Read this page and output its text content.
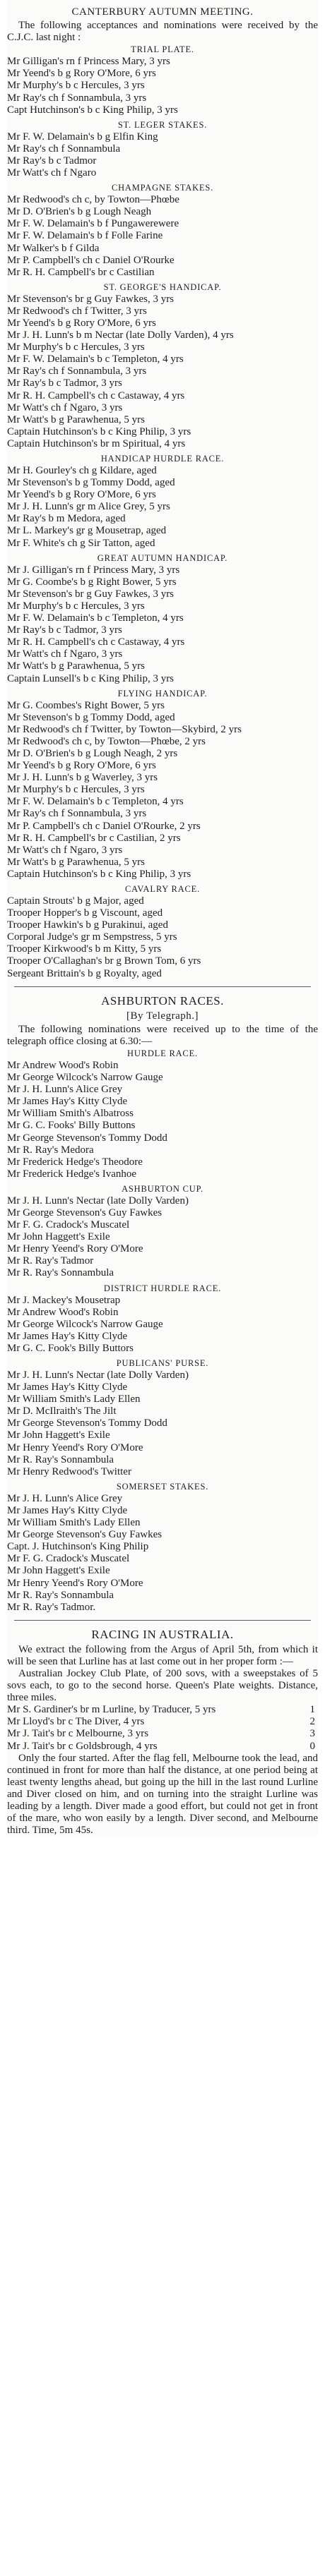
CANTERBURY AUTUMN MEETING.

The following acceptances and nominations were received by the C.J.C. last night :

TRIAL PLATE.

Mr Gilligan's rn f Princess Mary, 3 yrs

Mr Yeend's b g Rory O'More, 6 yrs

Mr Murphy's b c Hercules, 3 yrs

Mr Ray's ch f Sonnambula, 3 yrs

Capt Hutchinson's b c King Philip, 3 yrs

ST. LEGER STAKES.

Mr F. W. Delamain's b g Elfin King

Mr Ray's ch f Sonnambula

Mr Ray's b c Tadmor

Mr Watt's ch f Ngaro

CHAMPAGNE STAKES.

Mr Redwood's ch c, by Towton—Phœbe

Mr D. O'Brien's b g Lough Neagh

Mr F. W. Delamain's b f Pungawerewere

Mr F. W. Delamain's b f Folle Farine

Mr Walker's b f Gilda

Mr P. Campbell's ch c Daniel O'Rourke

Mr R. H. Campbell's br c Castilian

ST. GEORGE'S HANDICAP.

Mr Stevenson's br g Guy Fawkes, 3 yrs

Mr Redwood's ch f Twitter, 3 yrs

Mr Yeend's b g Rory O'More, 6 yrs

Mr J. H. Lunn's b m Nectar (late Dolly Varden), 4 yrs

Mr Murphy's b c Hercules, 3 yrs

Mr F. W. Delamain's b c Templeton, 4 yrs

Mr Ray's ch f Sonnambula, 3 yrs

Mr Ray's b c Tadmor, 3 yrs

Mr R. H. Campbell's ch c Castaway, 4 yrs

Mr Watt's ch f Ngaro, 3 yrs

Mr Watt's b g Parawhenua, 5 yrs

Captain Hutchinson's b c King Philip, 3 yrs

Captain Hutchinson's br m Spiritual, 4 yrs

HANDICAP HURDLE RACE.

Mr H. Gourley's ch g Kildare, aged

Mr Stevenson's b g Tommy Dodd, aged

Mr Yeend's b g Rory O'More, 6 yrs

Mr J. H. Lunn's gr m Alice Grey, 5 yrs

Mr Ray's b m Medora, aged

Mr L. Markey's gr g Mousetrap, aged

Mr F. White's ch g Sir Tatton, aged

GREAT AUTUMN HANDICAP.

Mr J. Gilligan's rn f Princess Mary, 3 yrs

Mr G. Coombe's b g Right Bower, 5 yrs

Mr Stevenson's br g Guy Fawkes, 3 yrs

Mr Murphy's b c Hercules, 3 yrs

Mr F. W. Delamain's b c Templeton, 4 yrs

Mr Ray's b c Tadmor, 3 yrs

Mr R. H. Campbell's ch c Castaway, 4 yrs

Mr Watt's ch f Ngaro, 3 yrs

Mr Watt's b g Parawhenua, 5 yrs

Captain Lunsell's b c King Philip, 3 yrs

FLYING HANDICAP.

Mr G. Coombes's Right Bower, 5 yrs

Mr Stevenson's b g Tommy Dodd, aged

Mr Redwood's ch f Twitter, by Towton—Skybird, 2 yrs

Mr Redwood's ch c, by Towton—Phœbe, 2 yrs

Mr D. O'Brien's b g Lough Neagh, 2 yrs

Mr Yeend's b g Rory O'More, 6 yrs

Mr J. H. Lunn's b g Waverley, 3 yrs

Mr Murphy's b c Hercules, 3 yrs

Mr F. W. Delamain's b c Templeton, 4 yrs

Mr Ray's ch f Sonnambula, 3 yrs

Mr P. Campbell's ch c Daniel O'Rourke, 2 yrs

Mr R. H. Campbell's br c Castilian, 2 yrs

Mr Watt's ch f Ngaro, 3 yrs

Mr Watt's b g Parawhenua, 5 yrs

Captain Hutchinson's b c King Philip, 3 yrs

CAVALRY RACE.

Captain Strouts' b g Major, aged

Trooper Hopper's b g Viscount, aged

Trooper Hawkin's b g Purakinui, aged

Corporal Judge's gr m Sempstress, 5 yrs

Trooper Kirkwood's b m Kitty, 5 yrs

Trooper O'Callaghan's br g Brown Tom, 6 yrs

Sergeant Brittain's b g Royalty, aged

ASHBURTON RACES.
[By Telegraph.]

The following nominations were received up to the time of the telegraph office closing at 6.30:—

HURDLE RACE.

Mr Andrew Wood's Robin

Mr George Wilcock's Narrow Gauge

Mr J. H. Lunn's Alice Grey

Mr James Hay's Kitty Clyde

Mr William Smith's Albatross

Mr G. C. Fooks' Billy Buttons

Mr George Stevenson's Tommy Dodd

Mr R. Ray's Medora

Mr Frederick Hedge's Theodore

Mr Frederick Hedge's Ivanhoe

ASHBURTON CUP.

Mr J. H. Lunn's Nectar (late Dolly Varden)

Mr George Stevenson's Guy Fawkes

Mr F. G. Cradock's Muscatel

Mr John Haggett's Exile

Mr Henry Yeend's Rory O'More

Mr R. Ray's Tadmor

Mr R. Ray's Sonnambula

DISTRICT HURDLE RACE.

Mr J. Mackey's Mousetrap

Mr Andrew Wood's Robin

Mr George Wilcock's Narrow Gauge

Mr James Hay's Kitty Clyde

Mr G. C. Fook's Billy Buttors

PUBLICANS' PURSE.

Mr J. H. Lunn's Nectar (late Dolly Varden)

Mr James Hay's Kitty Clyde

Mr William Smith's Lady Ellen

Mr D. McIlraith's The Jilt

Mr George Stevenson's Tommy Dodd

Mr John Haggett's Exile

Mr Henry Yeend's Rory O'More

Mr R. Ray's Sonnambula

Mr Henry Redwood's Twitter

SOMERSET STAKES.

Mr J. H. Lunn's Alice Grey

Mr James Hay's Kitty Clyde

Mr William Smith's Lady Ellen

Mr George Stevenson's Guy Fawkes

Capt. J. Hutchinson's King Philip

Mr F. G. Cradock's Muscatel

Mr John Haggett's Exile

Mr Henry Yeend's Rory O'More

Mr R. Ray's Sonnambula

Mr R. Ray's Tadmor.

RACING IN AUSTRALIA.

We extract the following from the Argus of April 5th, from which it will be seen that Lurline has at last come out in her proper form :—

Australian Jockey Club Plate, of 200 sovs, with a sweepstakes of 5 sovs each, to go to the second horse. Queen's Plate weights. Distance, three miles.

Mr S. Gardiner's br m Lurline, by Traducer, 5 yrs	1
Mr Lloyd's br c The Diver, 4 yrs	2
Mr J. Tait's br c Melbourne, 3 yrs	3
Mr J. Tait's br c Goldsbrough, 4 yrs	0

Only the four started. After the flag fell, Melbourne took the lead, and continued in front for more than half the distance, at one period being at least twenty lengths ahead, but going up the hill in the last round Lurline and Diver closed on him, and on turning into the straight Lurline was leading by a length. Diver made a good effort, but could not get in front of the mare, who won easily by a length. Diver second, and Melbourne third. Time, 5m 45s.
